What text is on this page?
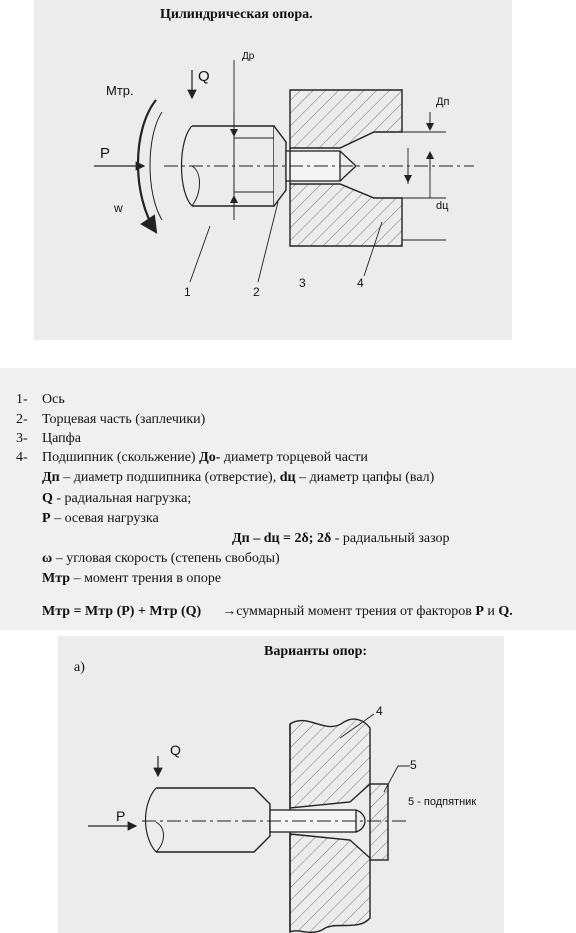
Цилиндрическая опора.
Q
Mтр.
P
w
Др
Дп
dц
1	2
3	4
1- Ось
2- Торцевая часть (заплечики)
3- Цапфа
4- Подшипник (скольжение) До- диаметр торцевой части
Дп – диаметр подшипника (отверстие), dц – диаметр цапфы (вал)
Q - радиальная нагрузка;
P – осевая нагрузка
Дп – dц = 2δ; 2δ - радиальный зазор
ω – угловая скорость (степень свободы)
Мтр – момент трения в опоре
Мтр = Мтр (Р) + Мтр (Q) →суммарный момент трения от факторов Р и Q.
Варианты опор:
а)
Q
P
4
5
5 - подпятник
